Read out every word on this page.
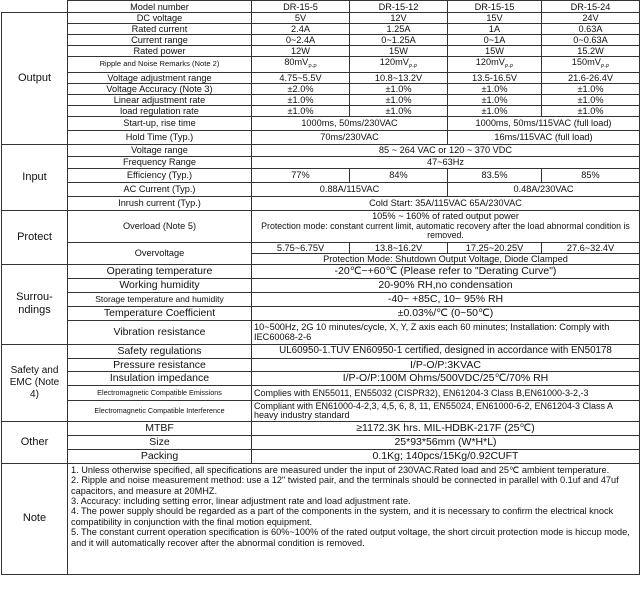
	Model number	DR-15-5	DR-15-12	DR-15-15	DR-15-24
Output	DC voltage	5V	12V	15V	24V
	Rated current	2.4A	1.25A	1A	0.63A
	Current range	0~2.4A	0~1.25A	0~1A	0~0.63A
	Rated power	12W	15W	15W	15.2W
	Ripple and Noise Remarks (Note 2)	$80mV_{P-P}$	$120mV_{P-P}$	$120mV_{P-P}$	$150mV_{P-P}$
	Voltage adjustment range	4.75~5.5V	10.8~13.2V	13.5-16.5V	21.6-26.4V
	Voltage Accuracy (Note 3)	±2.0%	±1.0%	±1.0%	±1.0%
	Linear adjustment rate	±1.0%	±1.0%	±1.0%	±1.0%
	load regulation rate	±1.0%	±1.0%	±1.0%	±1.0%
	Start-up, rise time	1000ms, 50ms/230VAC		1000ms, 50ms/115VAC (full load)	
	Hold Time (Typ.)	70ms/230VAC		16ms/115VAC (full load)	
Input	Voltage range	85 ~ 264 VAC or 120 ~ 370 VDC			
	Frequency Range	47~63Hz			
	Efficiency (Typ.)	77%	84%	83.5%	85%
	AC Current (Typ.)	0.88A/115VAC		0.48A/230VAC	
	Inrush current (Typ.)	Cold Start: 35A/115VAC 65A/230VAC			
Protect	Overload (Note 5)	105% ~ 160% of rated output power
Protection mode: constant current limit, automatic recovery after the load abnormal condition is removed.			

	Overvoltage	5.75~6.75V	13.8~16.2V	17.25~20.25V	27.6~32.4V
		Protection Mode: Shutdown Output Voltage, Diode Clamped			
Surrou-ndings	Operating temperature	-20℃~+60℃ (Please refer to "Derating Curve")			
	Working humidity	20-90% RH,no condensation			
	Storage temperature and humidity	-40~ +85C, 10~ 95% RH			
	Temperature Coefficient	±0.03%/℃ (0~50℃)			
	Vibration resistance	10~500Hz, 2G 10 minutes/cycle, X, Y, Z axis each 60 minutes; Installation: Comply with IEC60068-2-6			
Safety and EMC (Note 4)	Safety regulations	UL60950-1.TUV EN60950-1 certified, designed in accordance with EN50178			
	Pressure resistance	I/P-O/P:3KVAC			
	Insulation impedance	I/P-O/P:100M Ohms/500VDC/25℃/70% RH			
	Electromagnetic Compatible Emissions	Complies with EN55011, EN55032 (CISPR32), EN61204-3 Class B,EN61000-3-2,-3			
	Electromagnetic Compatible Interference	Compliant with EN61000-4-2,3, 4,5, 6, 8, 11, EN55024, EN61000-6-2, EN61204-3 Class A heavy industry standard			
Other	MTBF	≥1172.3K hrs. MIL-HDBK-217F (25℃)			
	Size	25*93*56mm (W*H*L)			
	Packing	0.1Kg; 140pcs/15Kg/0.92CUFT			
Note	1. Unless otherwise specified, all specifications are measured under the input of 230VAC.Rated load and 25℃ ambient temperature.
2. Ripple and noise measurement method: use a 12" twisted pair, and the terminals should be connected in parallel with 0.1uf and 47uf capacitors, and measure at 20MHZ.
3. Accuracy: including setting error, linear adjustment rate and load adjustment rate.
4. The power supply should be regarded as a part of the components in the system, and it is necessary to confirm the electrical knock compatibility in conjunction with the final motion equipment.
5. The constant current operation specification is 60%~100% of the rated output voltage, the short circuit protection mode is hiccup mode, and it will automatically recover after the abnormal condition is removed.				
